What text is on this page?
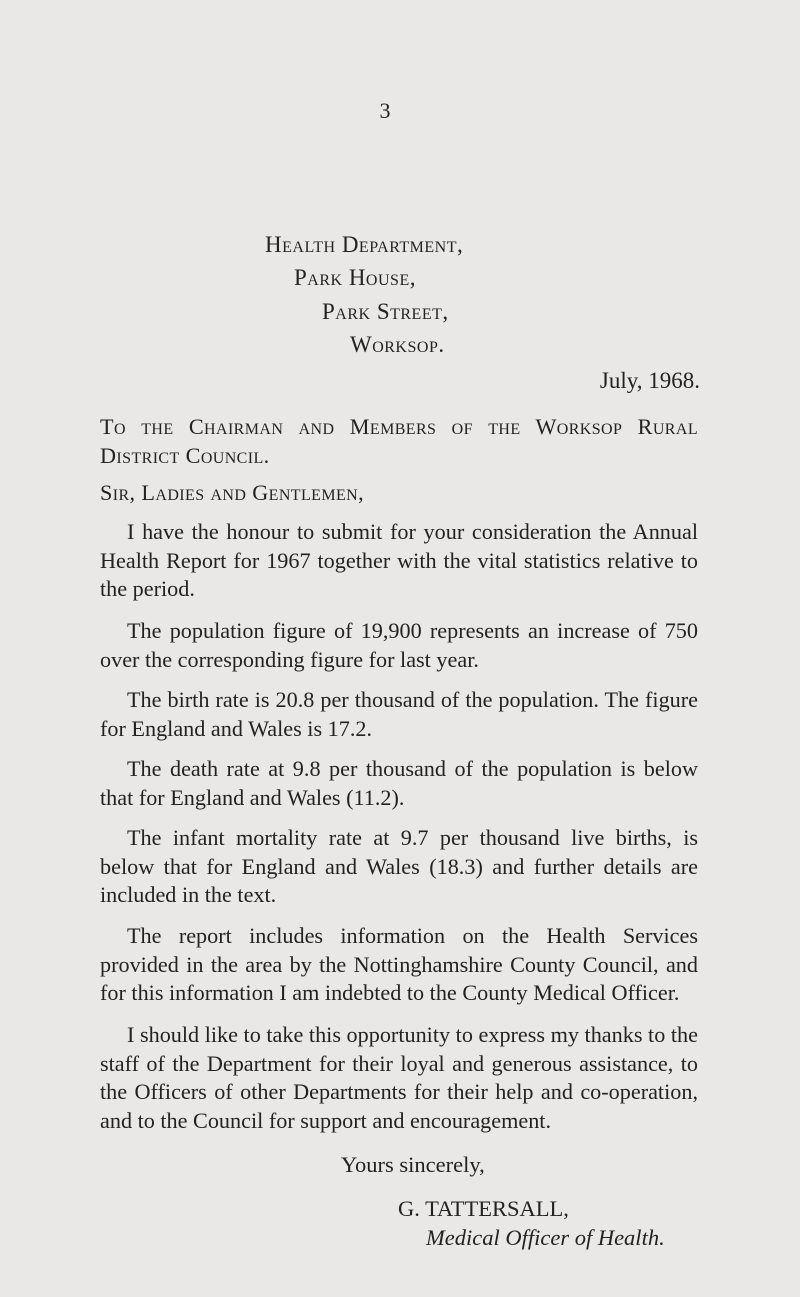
3
Health Department,
Park House,
Park Street,
Worksop.
July, 1968.
To the Chairman and Members of the Worksop Rural District Council.
Sir, Ladies and Gentlemen,
I have the honour to submit for your consideration the Annual Health Report for 1967 together with the vital statistics relative to the period.
The population figure of 19,900 represents an increase of 750 over the corresponding figure for last year.
The birth rate is 20.8 per thousand of the population. The figure for England and Wales is 17.2.
The death rate at 9.8 per thousand of the population is below that for England and Wales (11.2).
The infant mortality rate at 9.7 per thousand live births, is below that for England and Wales (18.3) and further details are included in the text.
The report includes information on the Health Services provided in the area by the Nottinghamshire County Council, and for this information I am indebted to the County Medical Officer.
I should like to take this opportunity to express my thanks to the staff of the Department for their loyal and generous assistance, to the Officers of other Departments for their help and co-operation, and to the Council for support and encouragement.
Yours sincerely,
G. TATTERSALL,
Medical Officer of Health.
